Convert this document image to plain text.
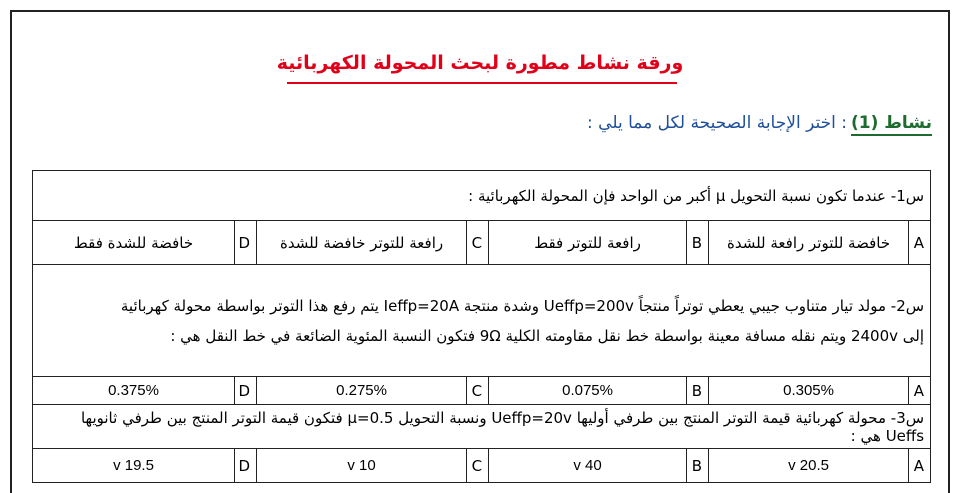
ورقة نشاط مطورة لبحث المحولة الكهربائية
نشاط (1)
: اختر الإجابة الصحيحة لكل مما يلي :
س1- عندما تكون نسبة التحويل μ أكبر من الواحد فإن المحولة الكهربائية :							
A	خافضة للتوتر رافعة للشدة	B	رافعة للتوتر فقط	C	رافعة للتوتر خافضة للشدة	D	خافضة للشدة فقط
س2- مولد تيار متناوب جيبي يعطي توتراً منتجاً Ueffp=200v وشدة منتجة Ieffp=20A يتم رفع هذا التوتر بواسطة محولة كهربائية
إلى 2400v ويتم نقله مسافة معينة بواسطة خط نقل مقاومته الكلية 9Ω فتكون النسبة المئوية الضائعة في خط النقل هي :							

A	0.305%	B	0.075%	C	0.275%	D	0.375%
س3- محولة كهربائية قيمة التوتر المنتج بين طرفي أوليها Ueffp=20v ونسبة التحويل μ=0.5 فتكون قيمة التوتر المنتج بين طرفي ثانويها Ueffs هي :							
A	20.5 v	B	40 v	C	10 v	D	19.5 v
